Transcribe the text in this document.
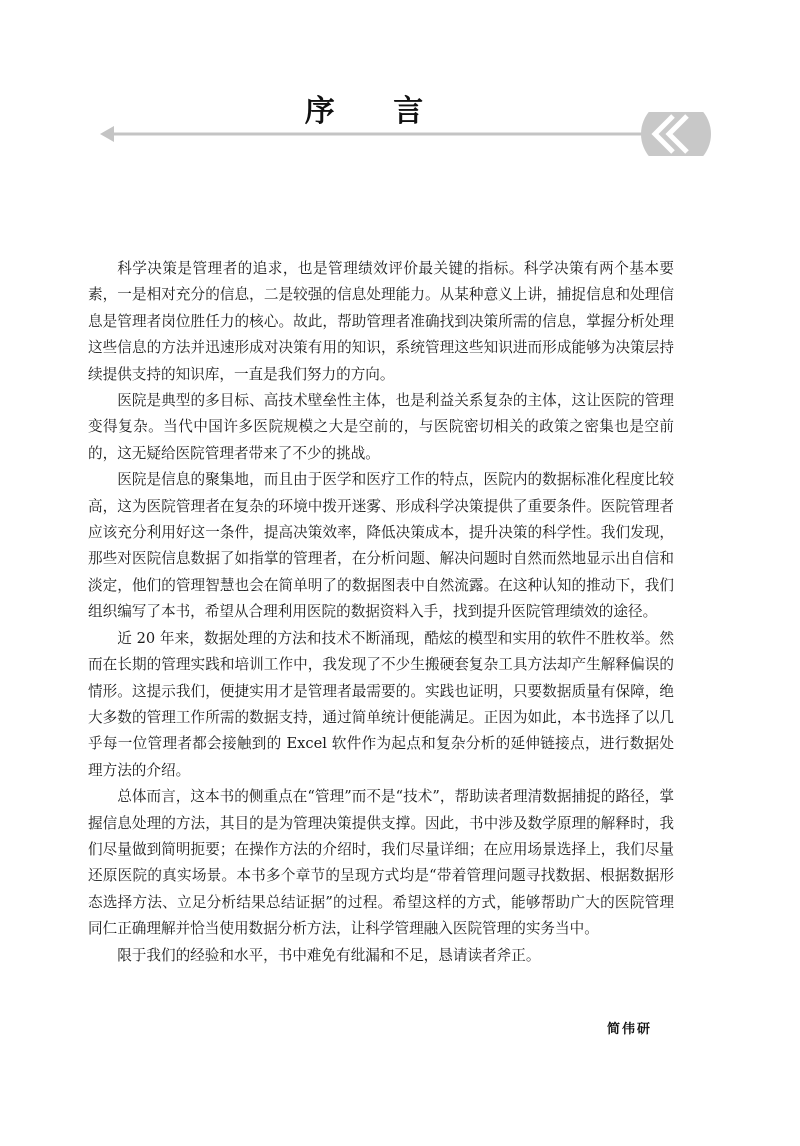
序 言

科学决策是管理者的追求，也是管理绩效评价最关键的指标。科学决策有两个基本要素，一是相对充分的信息，二是较强的信息处理能力。从某种意义上讲，捕捉信息和处理信息是管理者岗位胜任力的核心。故此，帮助管理者准确找到决策所需的信息，掌握分析处理这些信息的方法并迅速形成对决策有用的知识，系统管理这些知识进而形成能够为决策层持续提供支持的知识库，一直是我们努力的方向。

医院是典型的多目标、高技术壁垒性主体，也是利益关系复杂的主体，这让医院的管理变得复杂。当代中国许多医院规模之大是空前的，与医院密切相关的政策之密集也是空前的，这无疑给医院管理者带来了不少的挑战。

医院是信息的聚集地，而且由于医学和医疗工作的特点，医院内的数据标准化程度比较高，这为医院管理者在复杂的环境中拨开迷雾、形成科学决策提供了重要条件。医院管理者应该充分利用好这一条件，提高决策效率，降低决策成本，提升决策的科学性。我们发现，那些对医院信息数据了如指掌的管理者，在分析问题、解决问题时自然而然地显示出自信和淡定，他们的管理智慧也会在简单明了的数据图表中自然流露。在这种认知的推动下，我们组织编写了本书，希望从合理利用医院的数据资料入手，找到提升医院管理绩效的途径。

近 20 年来，数据处理的方法和技术不断涌现，酷炫的模型和实用的软件不胜枚举。然而在长期的管理实践和培训工作中，我发现了不少生搬硬套复杂工具方法却产生解释偏误的情形。这提示我们，便捷实用才是管理者最需要的。实践也证明，只要数据质量有保障，绝大多数的管理工作所需的数据支持，通过简单统计便能满足。正因为如此，本书选择了以几乎每一位管理者都会接触到的 Excel 软件作为起点和复杂分析的延伸链接点，进行数据处理方法的介绍。

总体而言，这本书的侧重点在“管理”而不是“技术”，帮助读者理清数据捕捉的路径，掌握信息处理的方法，其目的是为管理决策提供支撑。因此，书中涉及数学原理的解释时，我们尽量做到简明扼要；在操作方法的介绍时，我们尽量详细；在应用场景选择上，我们尽量还原医院的真实场景。本书多个章节的呈现方式均是“带着管理问题寻找数据、根据数据形态选择方法、立足分析结果总结证据”的过程。希望这样的方式，能够帮助广大的医院管理同仁正确理解并恰当使用数据分析方法，让科学管理融入医院管理的实务当中。

限于我们的经验和水平，书中难免有纰漏和不足，恳请读者斧正。

简伟研
